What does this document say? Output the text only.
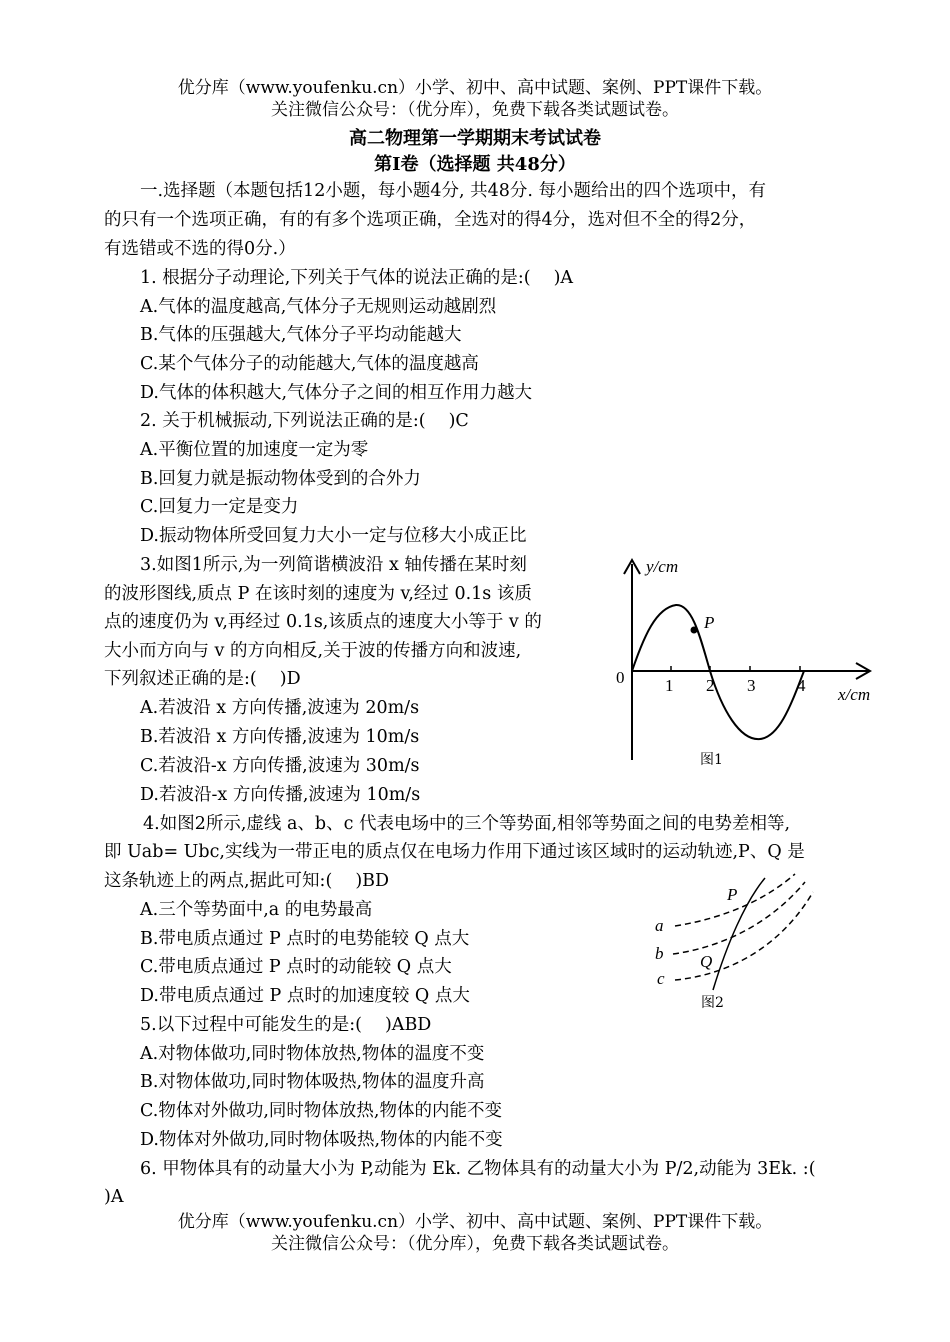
优分库（www.youfenku.cn）小学、初中、高中试题、案例、PPT课件下载。
关注微信公众号：（优分库），免费下载各类试题试卷。
高二物理第一学期期末考试试卷
第I卷（选择题 共48分）
一.选择题（本题包括12小题，每小题4分, 共48分. 每小题给出的四个选项中，有
的只有一个选项正确，有的有多个选项正确，全选对的得4分，选对但不全的得2分，
有选错或不选的得0分.）
1. 根据分子动理论,下列关于气体的说法正确的是:(　 )A
A.气体的温度越高,气体分子无规则运动越剧烈
B.气体的压强越大,气体分子平均动能越大
C.某个气体分子的动能越大,气体的温度越高
D.气体的体积越大,气体分子之间的相互作用力越大
2. 关于机械振动,下列说法正确的是:(　 )C
A.平衡位置的加速度一定为零
B.回复力就是振动物体受到的合外力
C.回复力一定是变力
D.振动物体所受回复力大小一定与位移大小成正比
3.如图1所示,为一列简谐横波沿 x 轴传播在某时刻
的波形图线,质点 P 在该时刻的速度为 v,经过 0.1s 该质
点的速度仍为 v,再经过 0.1s,该质点的速度大小等于 v 的
大小而方向与 v 的方向相反,关于波的传播方向和波速,
下列叙述正确的是:(　 )D
A.若波沿 x 方向传播,波速为 20m/s
B.若波沿 x 方向传播,波速为 10m/s
C.若波沿-x 方向传播,波速为 30m/s
D.若波沿-x 方向传播,波速为 10m/s
y/cm
x/cm
0 1 2 3 4
P
图1
4.如图2所示,虚线 a、b、c 代表电场中的三个等势面,相邻等势面之间的电势差相等,
即 Uab= Ubc,实线为一带正电的质点仅在电场力作用下通过该区域时的运动轨迹,P、Q 是
这条轨迹上的两点,据此可知:(　 )BD
A.三个等势面中,a 的电势最高
B.带电质点通过 P 点时的电势能较 Q 点大
C.带电质点通过 P 点时的动能较 Q 点大
D.带电质点通过 P 点时的加速度较 Q 点大
P
Q
a
b
c
图2
5.以下过程中可能发生的是:(　 )ABD
A.对物体做功,同时物体放热,物体的温度不变
B.对物体做功,同时物体吸热,物体的温度升高
C.物体对外做功,同时物体放热,物体的内能不变
D.物体对外做功,同时物体吸热,物体的内能不变
6. 甲物体具有的动量大小为 P,动能为 Ek. 乙物体具有的动量大小为 P/2,动能为 3Ek. :(
)A
优分库（www.youfenku.cn）小学、初中、高中试题、案例、PPT课件下载。
关注微信公众号：（优分库），免费下载各类试题试卷。
